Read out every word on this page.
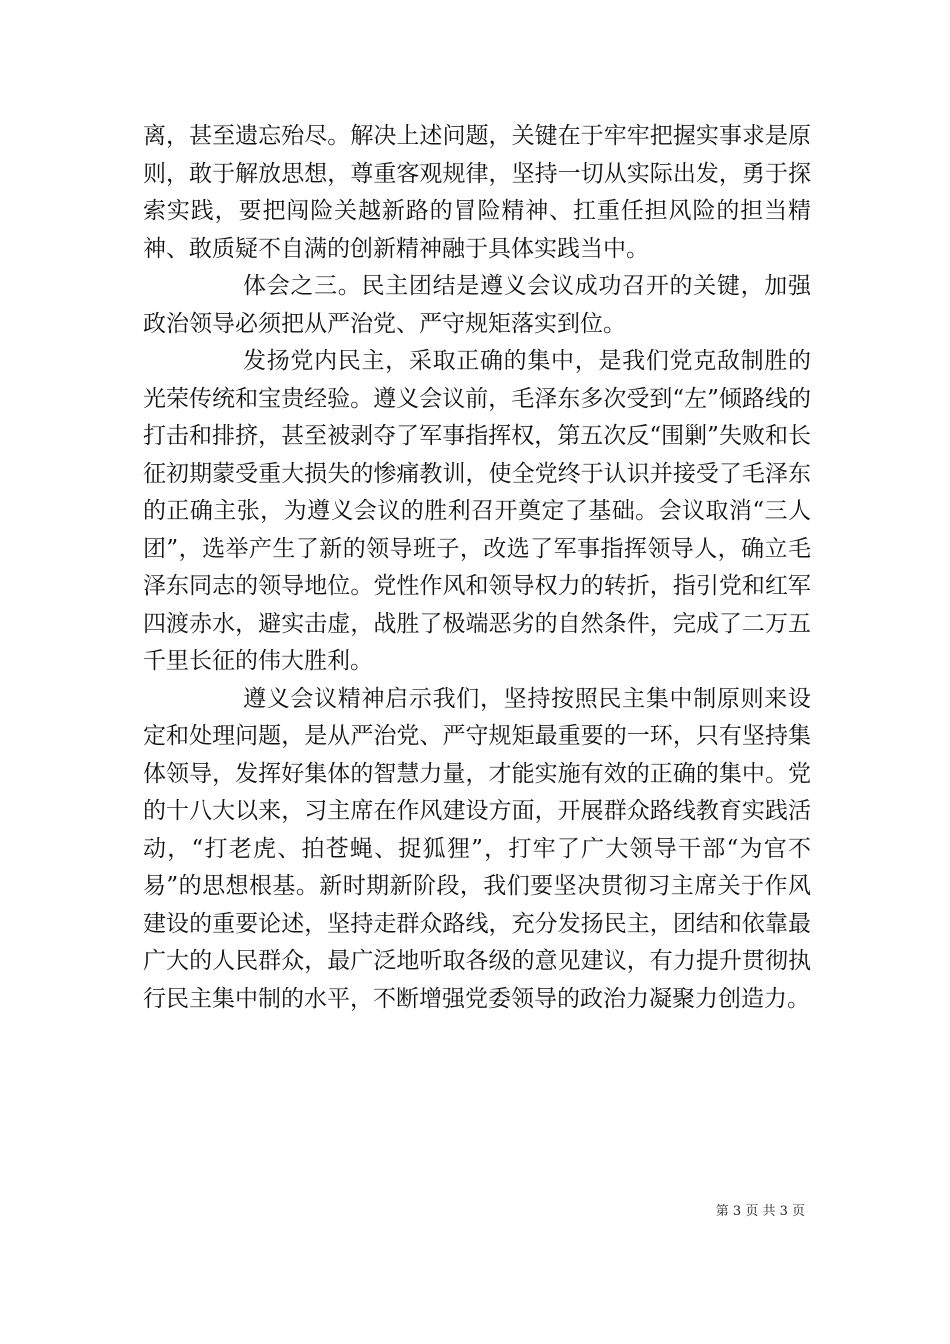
离，甚至遗忘殆尽。解决上述问题，关键在于牢牢把握实事求是原则，敢于解放思想，尊重客观规律，坚持一切从实际出发，勇于探索实践，要把闯险关越新路的冒险精神、扛重任担风险的担当精神、敢质疑不自满的创新精神融于具体实践当中。

体会之三。民主团结是遵义会议成功召开的关键，加强政治领导必须把从严治党、严守规矩落实到位。

发扬党内民主，采取正确的集中，是我们党克敌制胜的光荣传统和宝贵经验。遵义会议前，毛泽东多次受到“左”倾路线的打击和排挤，甚至被剥夺了军事指挥权，第五次反“围剿”失败和长征初期蒙受重大损失的惨痛教训，使全党终于认识并接受了毛泽东的正确主张，为遵义会议的胜利召开奠定了基础。会议取消“三人团”，选举产生了新的领导班子，改选了军事指挥领导人，确立毛泽东同志的领导地位。党性作风和领导权力的转折，指引党和红军四渡赤水，避实击虚，战胜了极端恶劣的自然条件，完成了二万五千里长征的伟大胜利。

遵义会议精神启示我们，坚持按照民主集中制原则来设定和处理问题，是从严治党、严守规矩最重要的一环，只有坚持集体领导，发挥好集体的智慧力量，才能实施有效的正确的集中。党的十八大以来，习主席在作风建设方面，开展群众路线教育实践活动，“打老虎、拍苍蝇、捉狐狸”，打牢了广大领导干部“为官不易”的思想根基。新时期新阶段，我们要坚决贯彻习主席关于作风建设的重要论述，坚持走群众路线，充分发扬民主，团结和依靠最广大的人民群众，最广泛地听取各级的意见建议，有力提升贯彻执行民主集中制的水平，不断增强党委领导的政治力凝聚力创造力。

第 3 页 共 3 页
